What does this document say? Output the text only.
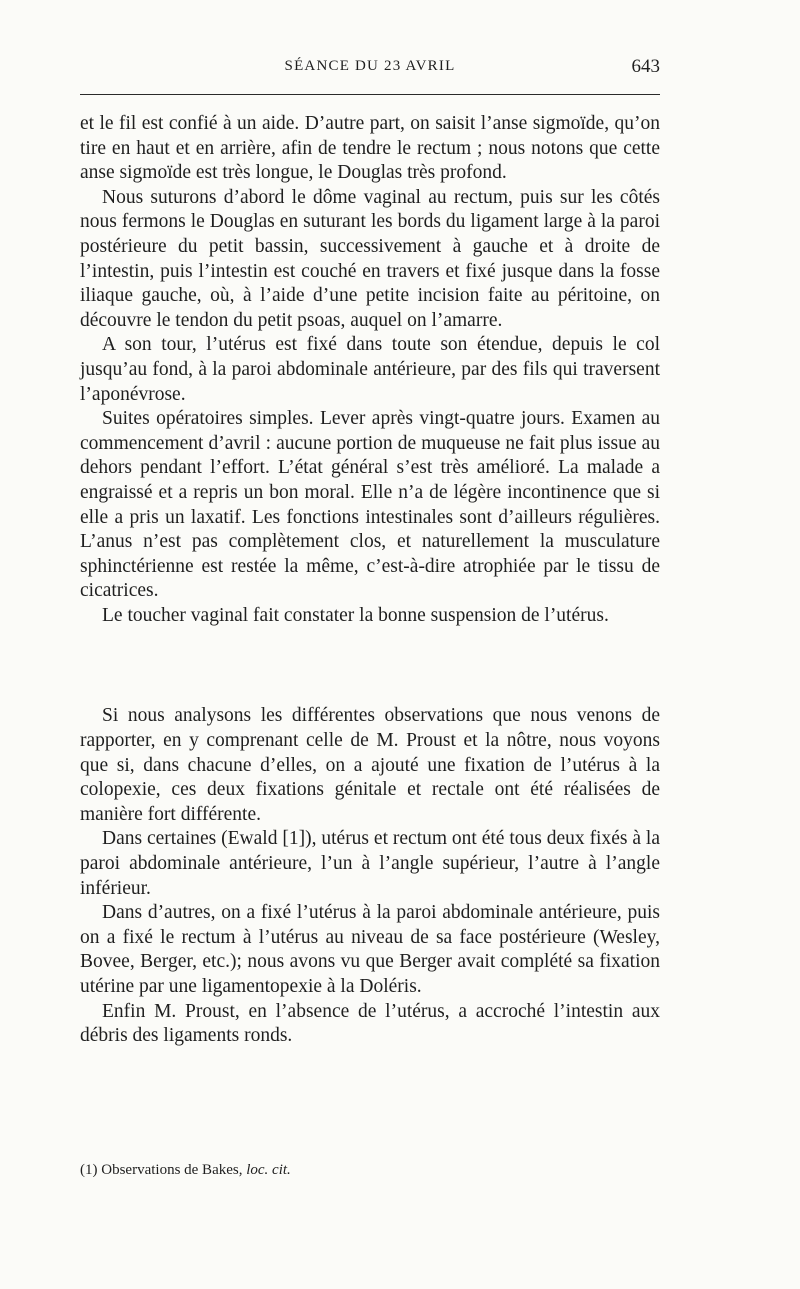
SÉANCE DU 23 AVRIL	643

et le fil est confié à un aide. D’autre part, on saisit l’anse sigmoïde, qu’on tire en haut et en arrière, afin de tendre le rectum ; nous notons que cette anse sigmoïde est très longue, le Douglas très profond.

Nous suturons d’abord le dôme vaginal au rectum, puis sur les côtés nous fermons le Douglas en suturant les bords du ligament large à la paroi postérieure du petit bassin, successivement à gauche et à droite de l’intestin, puis l’intestin est couché en travers et fixé jusque dans la fosse iliaque gauche, où, à l’aide d’une petite incision faite au péritoine, on découvre le tendon du petit psoas, auquel on l’amarre.

A son tour, l’utérus est fixé dans toute son étendue, depuis le col jusqu’au fond, à la paroi abdominale antérieure, par des fils qui traversent l’aponévrose.

Suites opératoires simples. Lever après vingt-quatre jours. Examen au commencement d’avril : aucune portion de muqueuse ne fait plus issue au dehors pendant l’effort. L’état général s’est très amélioré. La malade a engraissé et a repris un bon moral. Elle n’a de légère incontinence que si elle a pris un laxatif. Les fonctions intestinales sont d’ailleurs régulières. L’anus n’est pas complètement clos, et naturellement la musculature sphinctérienne est restée la même, c’est-à-dire atrophiée par le tissu de cicatrices.

Le toucher vaginal fait constater la bonne suspension de l’utérus.

Si nous analysons les différentes observations que nous venons de rapporter, en y comprenant celle de M. Proust et la nôtre, nous voyons que si, dans chacune d’elles, on a ajouté une fixation de l’utérus à la colopexie, ces deux fixations génitale et rectale ont été réalisées de manière fort différente.

Dans certaines (Ewald [1]), utérus et rectum ont été tous deux fixés à la paroi abdominale antérieure, l’un à l’angle supérieur, l’autre à l’angle inférieur.

Dans d’autres, on a fixé l’utérus à la paroi abdominale antérieure, puis on a fixé le rectum à l’utérus au niveau de sa face postérieure (Wesley, Bovee, Berger, etc.); nous avons vu que Berger avait complété sa fixation utérine par une ligamentopexie à la Doléris.

Enfin M. Proust, en l’absence de l’utérus, a accroché l’intestin aux débris des ligaments ronds.

(1) Observations de Bakes, loc. cit.
